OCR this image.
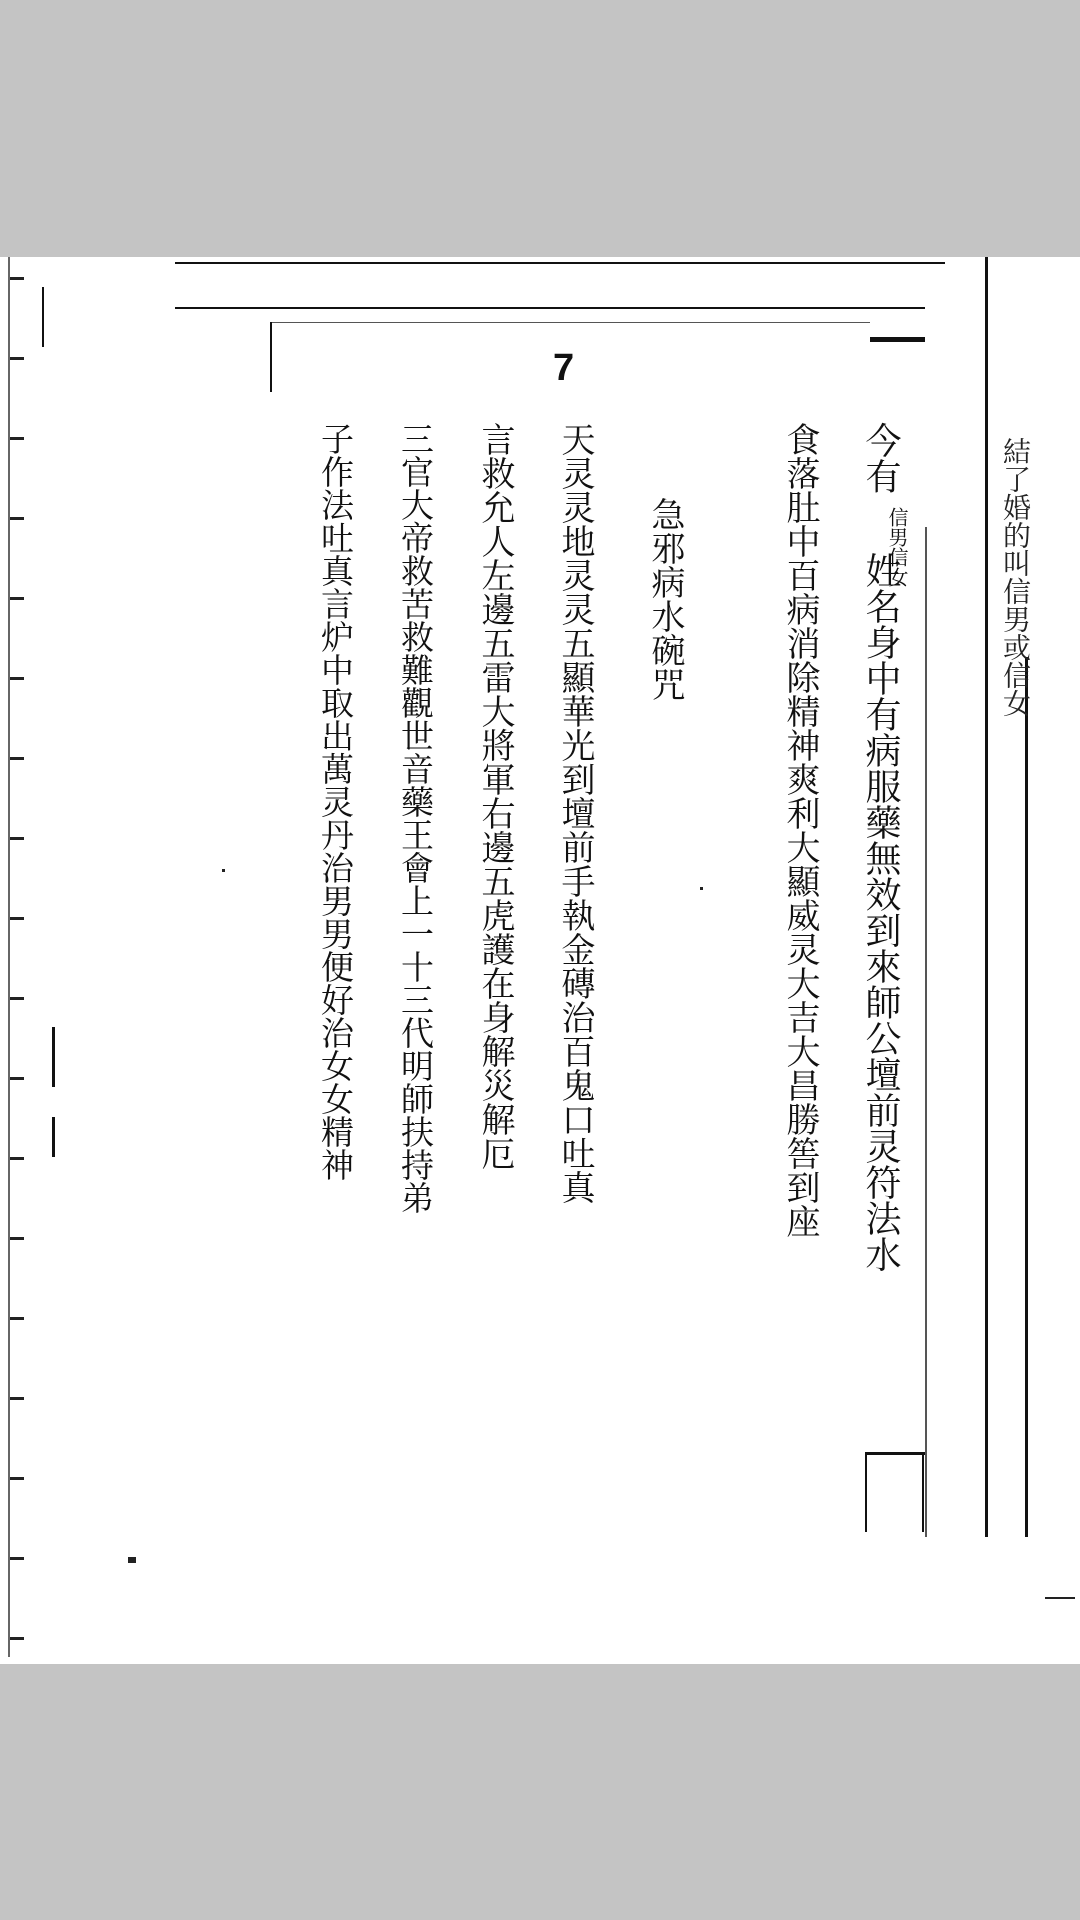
7
結了婚的叫信男或信女
今有
信男信女
姓名身中有病服藥無效到來師公壇前灵符法水
食落肚中百病消除精神爽利大顯威灵大吉大昌勝筶到座
急邪病水碗咒
天灵灵地灵灵五顯華光到壇前手執金磚治百鬼口吐真
言救允人左邊五雷大將軍右邊五虎護在身解災解厄
三官大帝救苦救難觀世音藥王會上一十三代明師扶持弟
子作法吐真言炉中取出萬灵丹治男男便好治女女精神
